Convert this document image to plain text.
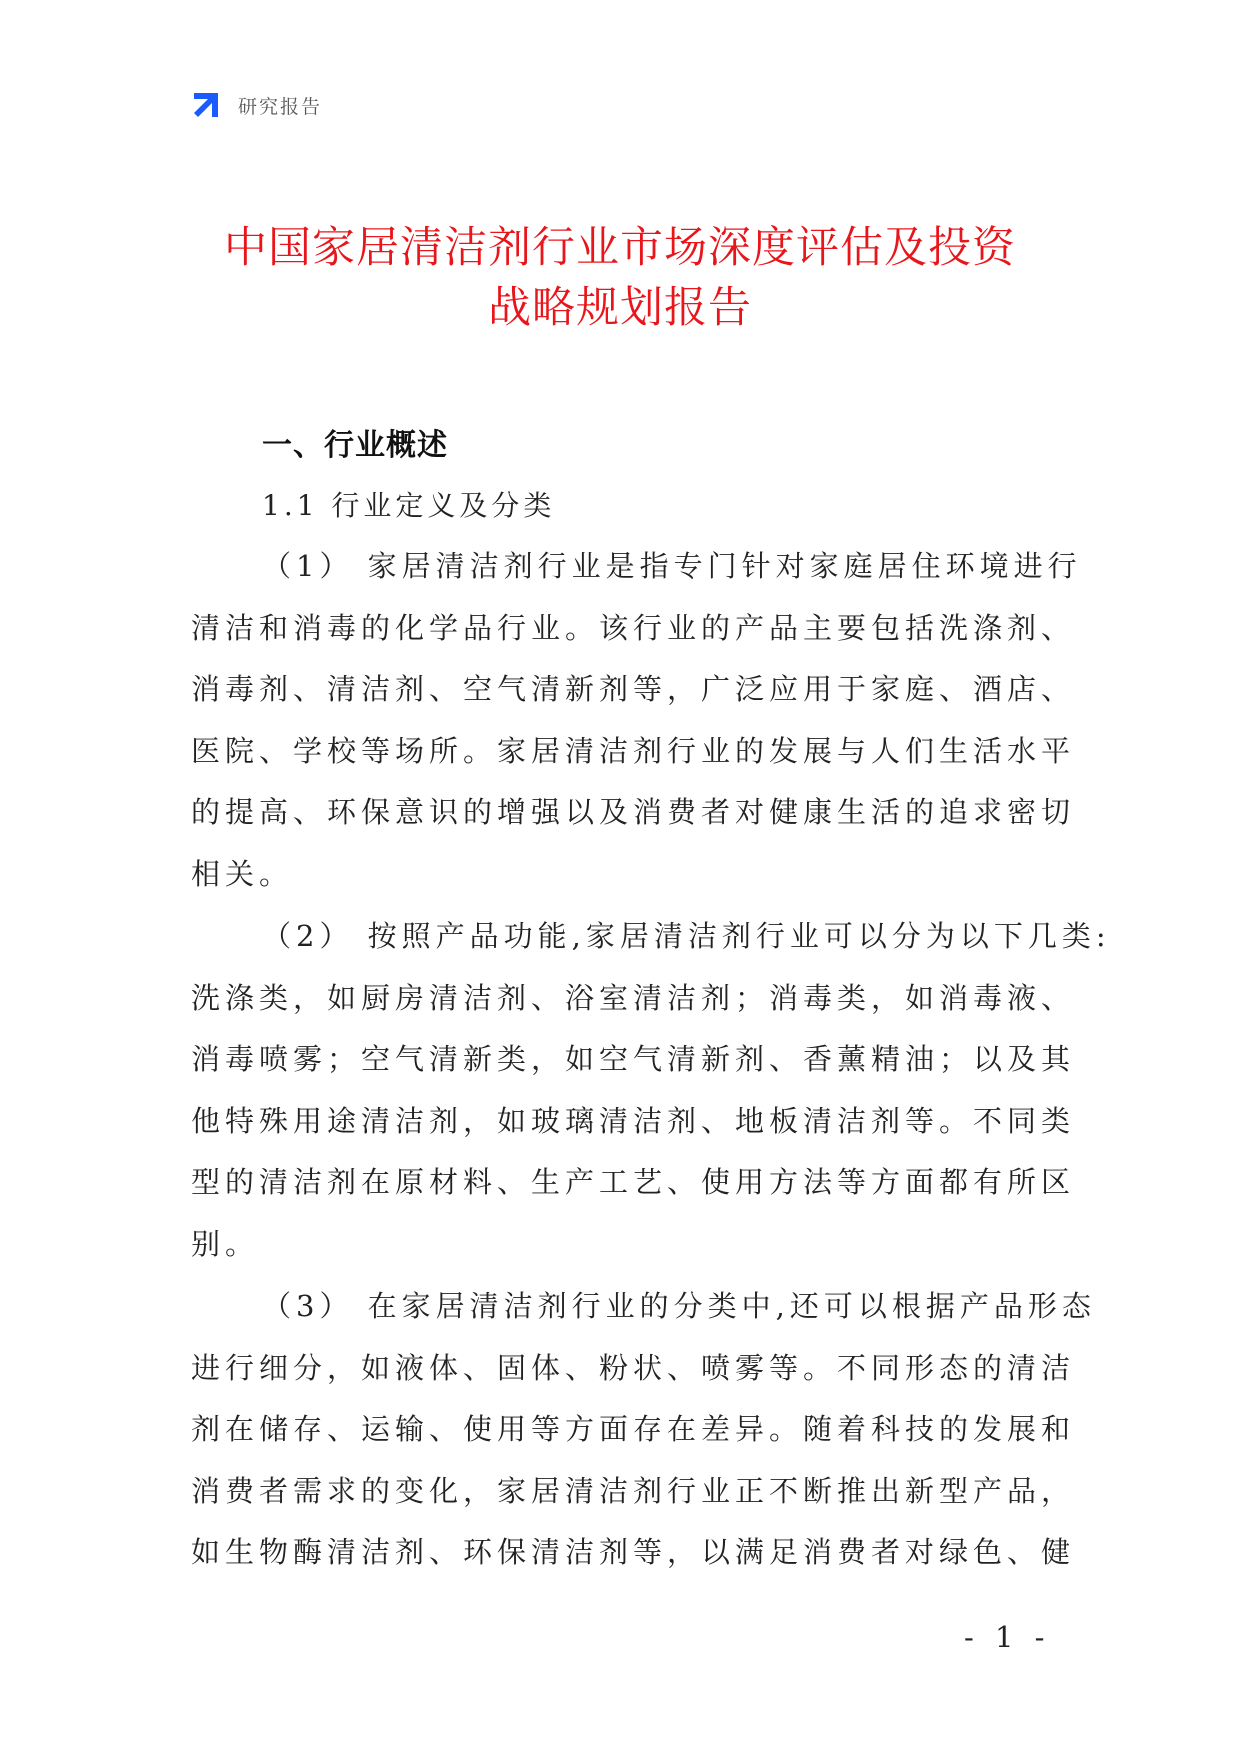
研究报告
中国家居清洁剂行业市场深度评估及投资
战略规划报告
一、行业概述
1.1 行业定义及分类
（1） 家居清洁剂行业是指专门针对家庭居住环境进行
清洁和消毒的化学品行业。该行业的产品主要包括洗涤剂、
消毒剂、清洁剂、空气清新剂等，广泛应用于家庭、酒店、
医院、学校等场所。家居清洁剂行业的发展与人们生活水平
的提高、环保意识的增强以及消费者对健康生活的追求密切
相关。
（2） 按照产品功能,家居清洁剂行业可以分为以下几类:
洗涤类，如厨房清洁剂、浴室清洁剂；消毒类，如消毒液、
消毒喷雾；空气清新类，如空气清新剂、香薰精油；以及其
他特殊用途清洁剂，如玻璃清洁剂、地板清洁剂等。不同类
型的清洁剂在原材料、生产工艺、使用方法等方面都有所区
别。
（3） 在家居清洁剂行业的分类中,还可以根据产品形态
进行细分，如液体、固体、粉状、喷雾等。不同形态的清洁
剂在储存、运输、使用等方面存在差异。随着科技的发展和
消费者需求的变化，家居清洁剂行业正不断推出新型产品，
如生物酶清洁剂、环保清洁剂等，以满足消费者对绿色、健
- 1 -
